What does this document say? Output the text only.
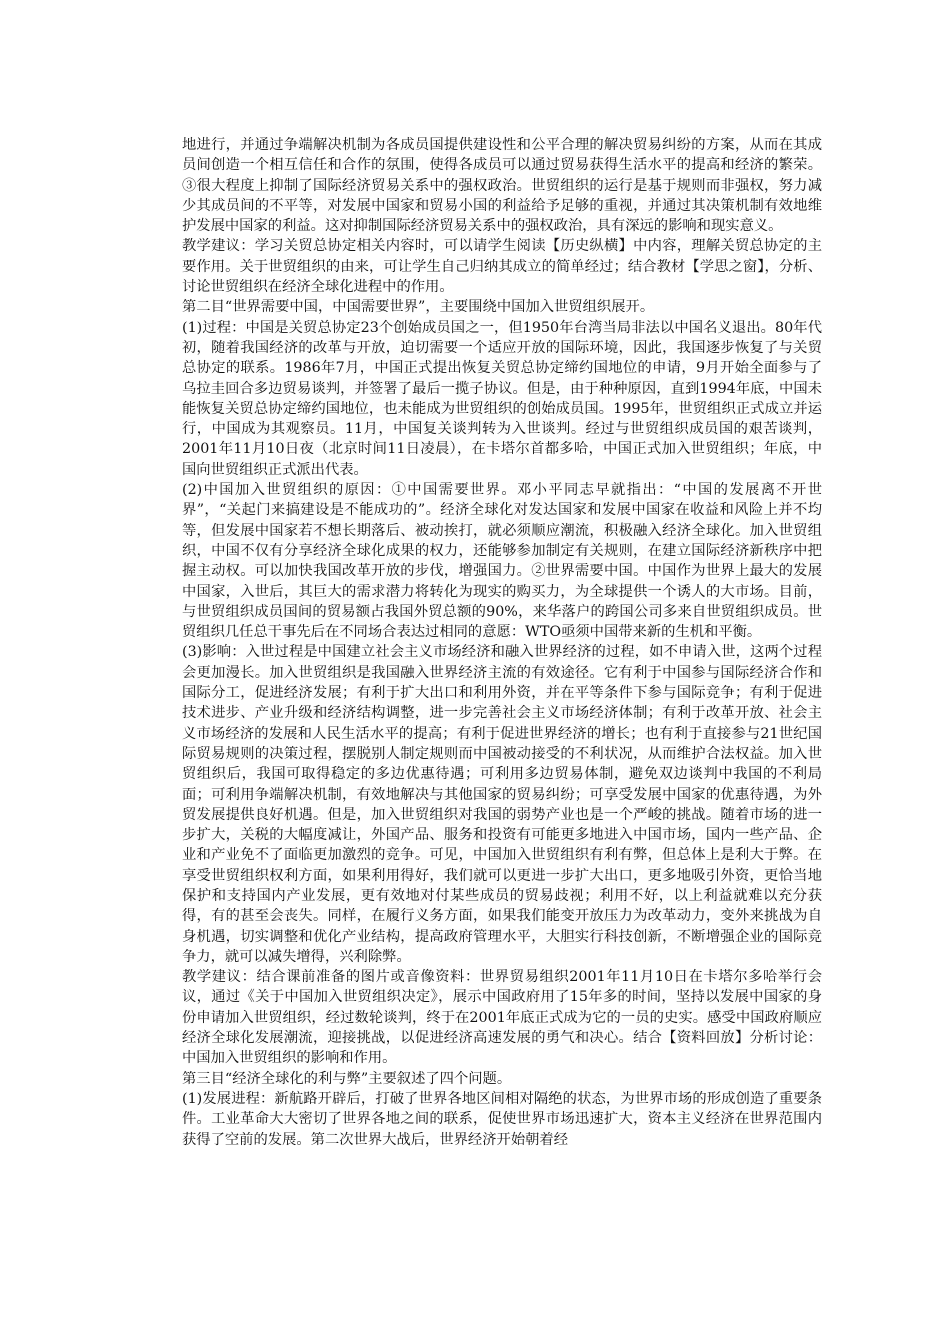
地进行，并通过争端解决机制为各成员国提供建设性和公平合理的解决贸易纠纷的方案，从而在其成员间创造一个相互信任和合作的氛围，使得各成员可以通过贸易获得生活水平的提高和经济的繁荣。③很大程度上抑制了国际经济贸易关系中的强权政治。世贸组织的运行是基于规则而非强权，努力减少其成员间的不平等，对发展中国家和贸易小国的利益给予足够的重视，并通过其决策机制有效地维护发展中国家的利益。这对抑制国际经济贸易关系中的强权政治，具有深远的影响和现实意义。

教学建议：学习关贸总协定相关内容时，可以请学生阅读【历史纵横】中内容，理解关贸总协定的主要作用。关于世贸组织的由来，可让学生自己归纳其成立的简单经过；结合教材【学思之窗】，分析、讨论世贸组织在经济全球化进程中的作用。

第二目“世界需要中国，中国需要世界”，主要围绕中国加入世贸组织展开。

(1)过程：中国是关贸总协定23个创始成员国之一，但1950年台湾当局非法以中国名义退出。80年代初，随着我国经济的改革与开放，迫切需要一个适应开放的国际环境，因此，我国逐步恢复了与关贸总协定的联系。1986年7月，中国正式提出恢复关贸总协定缔约国地位的申请，9月开始全面参与了乌拉圭回合多边贸易谈判，并签署了最后一揽子协议。但是，由于种种原因，直到1994年底，中国未能恢复关贸总协定缔约国地位，也未能成为世贸组织的创始成员国。1995年，世贸组织正式成立并运行，中国成为其观察员。11月，中国复关谈判转为入世谈判。经过与世贸组织成员国的艰苦谈判，2001年11月10日夜（北京时间11日凌晨），在卡塔尔首都多哈，中国正式加入世贸组织；年底，中国向世贸组织正式派出代表。

(2)中国加入世贸组织的原因：①中国需要世界。邓小平同志早就指出：“中国的发展离不开世界”，“关起门来搞建设是不能成功的”。经济全球化对发达国家和发展中国家在收益和风险上并不均等，但发展中国家若不想长期落后、被动挨打，就必须顺应潮流，积极融入经济全球化。加入世贸组织，中国不仅有分享经济全球化成果的权力，还能够参加制定有关规则，在建立国际经济新秩序中把握主动权。可以加快我国改革开放的步伐，增强国力。②世界需要中国。中国作为世界上最大的发展中国家，入世后，其巨大的需求潜力将转化为现实的购买力，为全球提供一个诱人的大市场。目前，与世贸组织成员国间的贸易额占我国外贸总额的90%，来华落户的跨国公司多来自世贸组织成员。世贸组织几任总干事先后在不同场合表达过相同的意愿：WTO亟须中国带来新的生机和平衡。

(3)影响：入世过程是中国建立社会主义市场经济和融入世界经济的过程，如不申请入世，这两个过程会更加漫长。加入世贸组织是我国融入世界经济主流的有效途径。它有利于中国参与国际经济合作和国际分工，促进经济发展；有利于扩大出口和利用外资，并在平等条件下参与国际竞争；有利于促进技术进步、产业升级和经济结构调整，进一步完善社会主义市场经济体制；有利于改革开放、社会主义市场经济的发展和人民生活水平的提高；有利于促进世界经济的增长；也有利于直接参与21世纪国际贸易规则的决策过程，摆脱别人制定规则而中国被动接受的不利状况，从而维护合法权益。加入世贸组织后，我国可取得稳定的多边优惠待遇；可利用多边贸易体制，避免双边谈判中我国的不利局面；可利用争端解决机制，有效地解决与其他国家的贸易纠纷；可享受发展中国家的优惠待遇，为外贸发展提供良好机遇。但是，加入世贸组织对我国的弱势产业也是一个严峻的挑战。随着市场的进一步扩大，关税的大幅度减让，外国产品、服务和投资有可能更多地进入中国市场，国内一些产品、企业和产业免不了面临更加激烈的竞争。可见，中国加入世贸组织有利有弊，但总体上是利大于弊。在享受世贸组织权利方面，如果利用得好，我们就可以更进一步扩大出口，更多地吸引外资，更恰当地保护和支持国内产业发展，更有效地对付某些成员的贸易歧视；利用不好，以上利益就难以充分获得，有的甚至会丧失。同样，在履行义务方面，如果我们能变开放压力为改革动力，变外来挑战为自身机遇，切实调整和优化产业结构，提高政府管理水平，大胆实行科技创新，不断增强企业的国际竞争力，就可以减失增得，兴利除弊。

教学建议：结合课前准备的图片或音像资料：世界贸易组织2001年11月10日在卡塔尔多哈举行会议，通过《关于中国加入世贸组织决定》，展示中国政府用了15年多的时间，坚持以发展中国家的身份申请加入世贸组织，经过数轮谈判，终于在2001年底正式成为它的一员的史实。感受中国政府顺应经济全球化发展潮流，迎接挑战，以促进经济高速发展的勇气和决心。结合【资料回放】分析讨论：中国加入世贸组织的影响和作用。

第三目“经济全球化的利与弊”主要叙述了四个问题。

(1)发展进程：新航路开辟后，打破了世界各地区间相对隔绝的状态，为世界市场的形成创造了重要条件。工业革命大大密切了世界各地之间的联系，促使世界市场迅速扩大，资本主义经济在世界范围内获得了空前的发展。第二次世界大战后，世界经济开始朝着经
